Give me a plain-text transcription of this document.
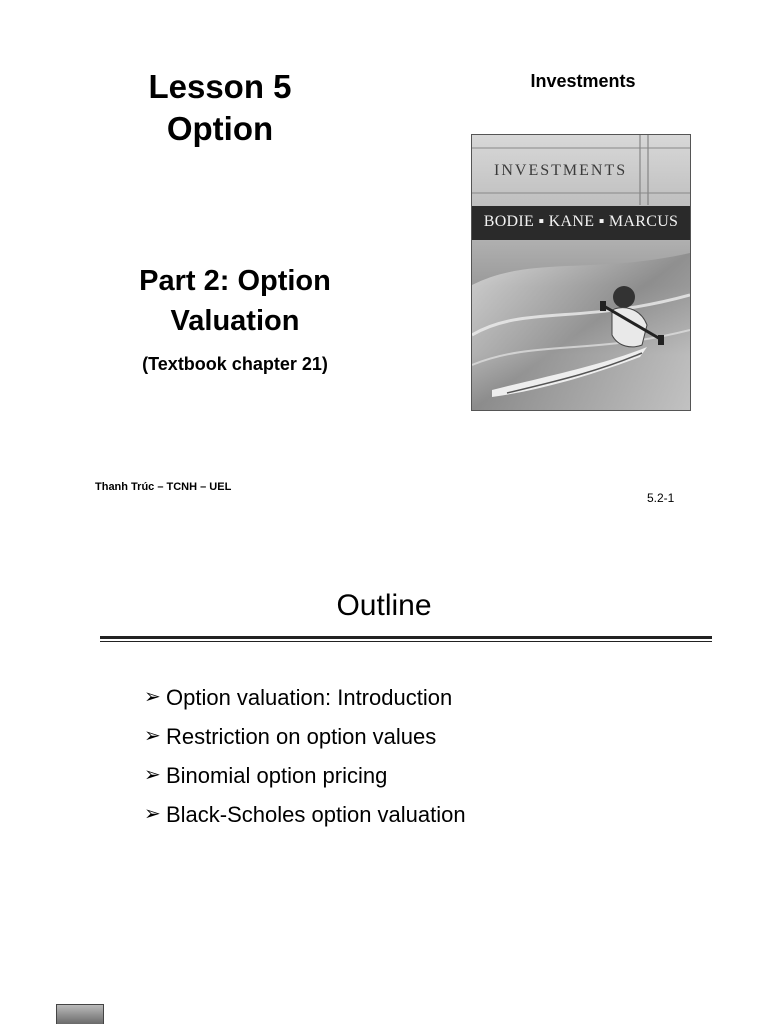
Lesson 5
Option
Part 2: Option
Valuation
(Textbook chapter 21)
Investments
INVESTMENTS
BODIE ▪ KANE ▪ MARCUS
Thanh Trúc – TCNH – UEL
5.2-1
Outline
➢ Option valuation: Introduction
➢ Restriction on option values
➢ Binomial option pricing
➢ Black-Scholes option valuation
